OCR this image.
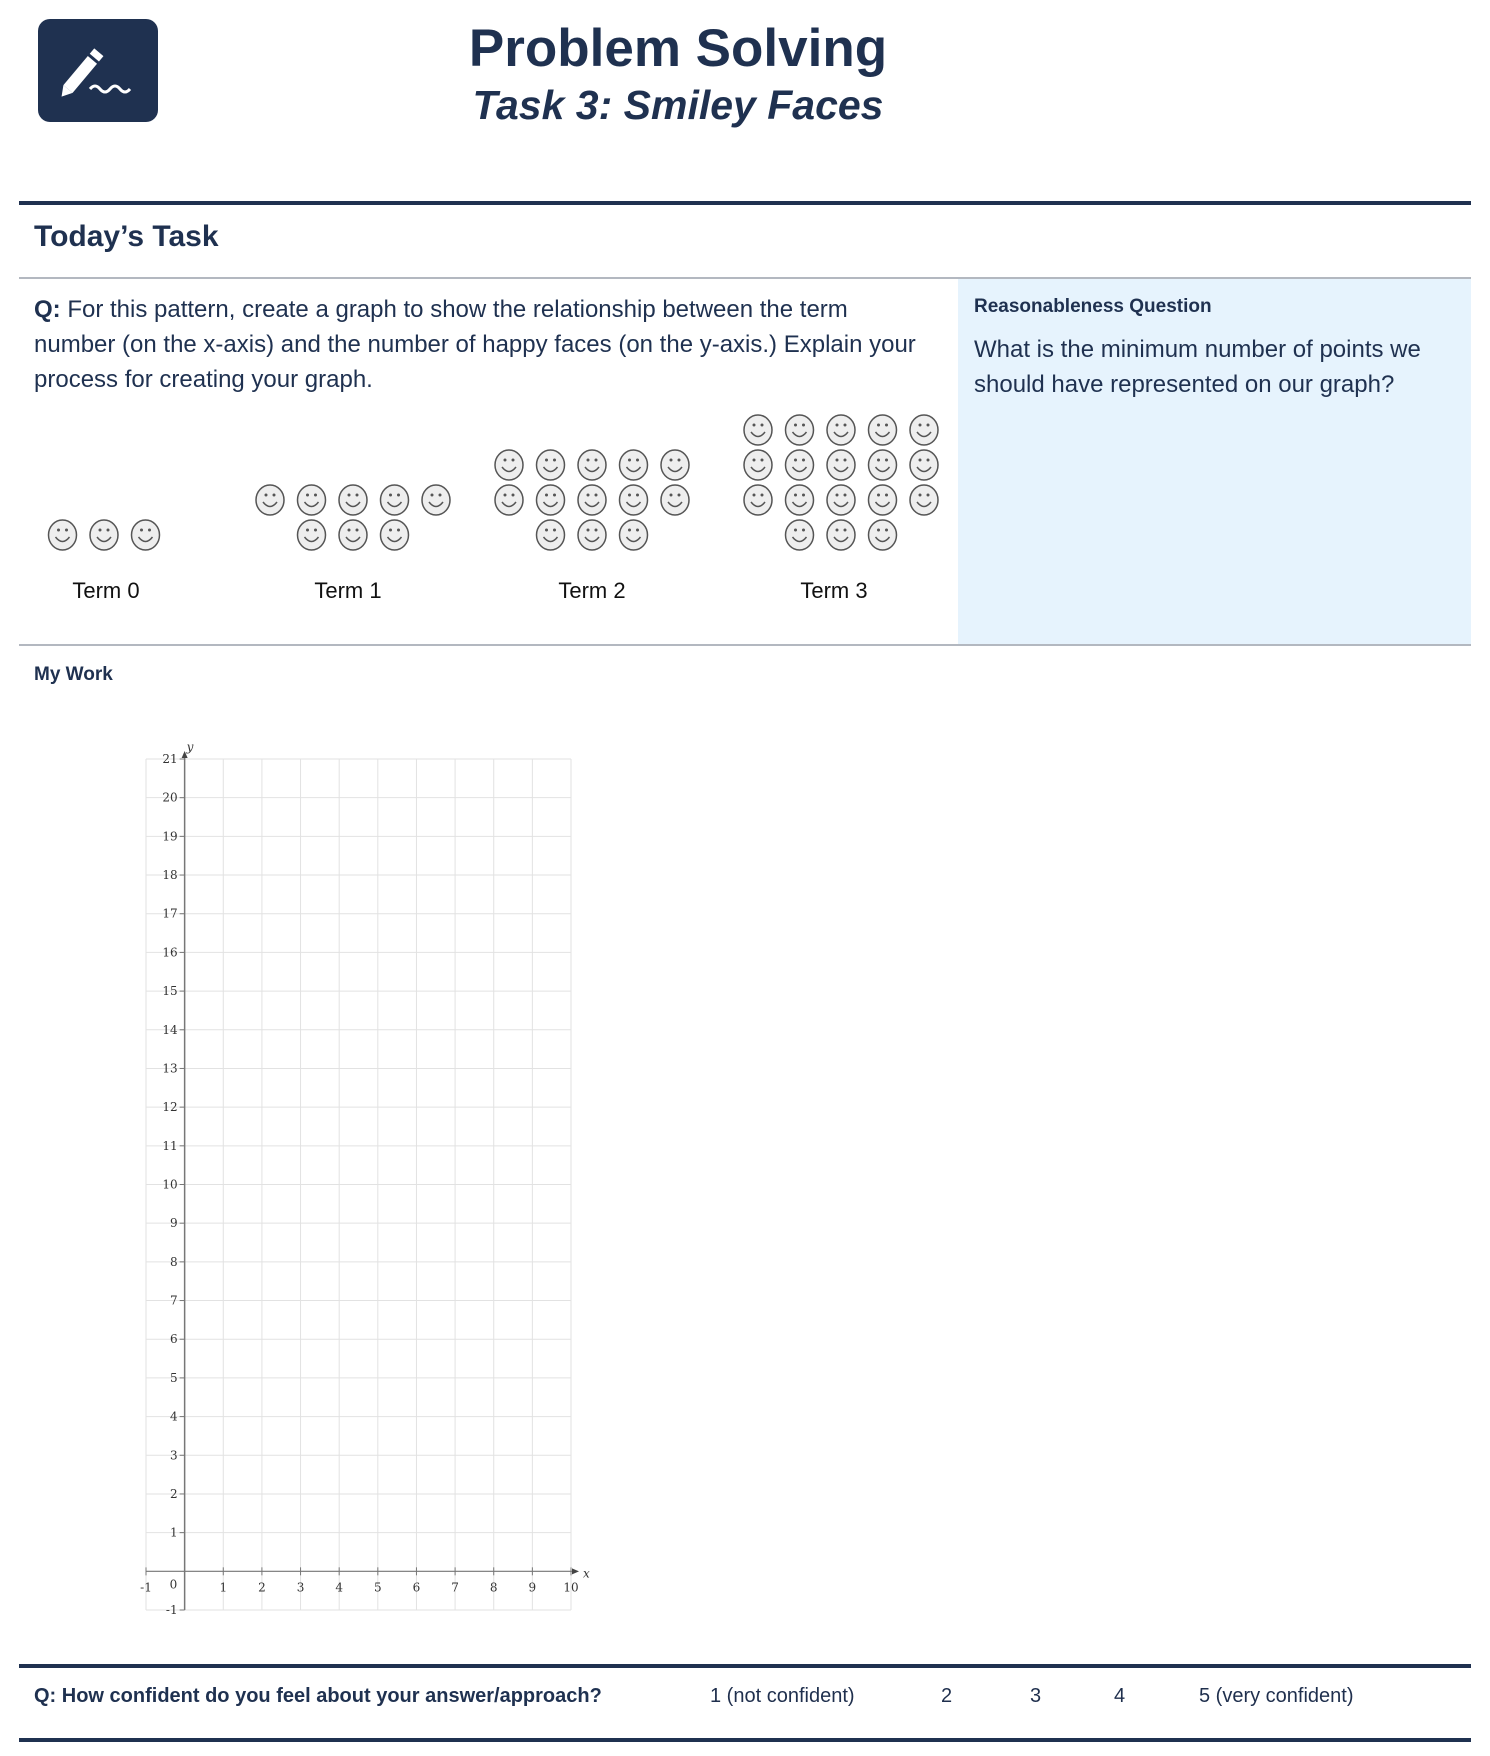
Problem Solving
Task 3: Smiley Faces
Today’s Task
Q: For this pattern, create a graph to show the relationship between the term number (on the x-axis) and the number of happy faces (on the y-axis.) Explain your process for creating your graph.
Reasonableness Question
What is the minimum number of points we should have represented on our graph?
Term 0	Term 1	Term 2	Term 3
My Work
x
y
-1 0	1	2	3	4	5	6	7	8	9 10
-1
1
2
3
4
5
6
7
8
9
10
11
12
13
14
15
16
17
18
19
20
21
Q: How confident do you feel about your answer/approach?	1 (not confident)	2	3	4	5 (very confident)
